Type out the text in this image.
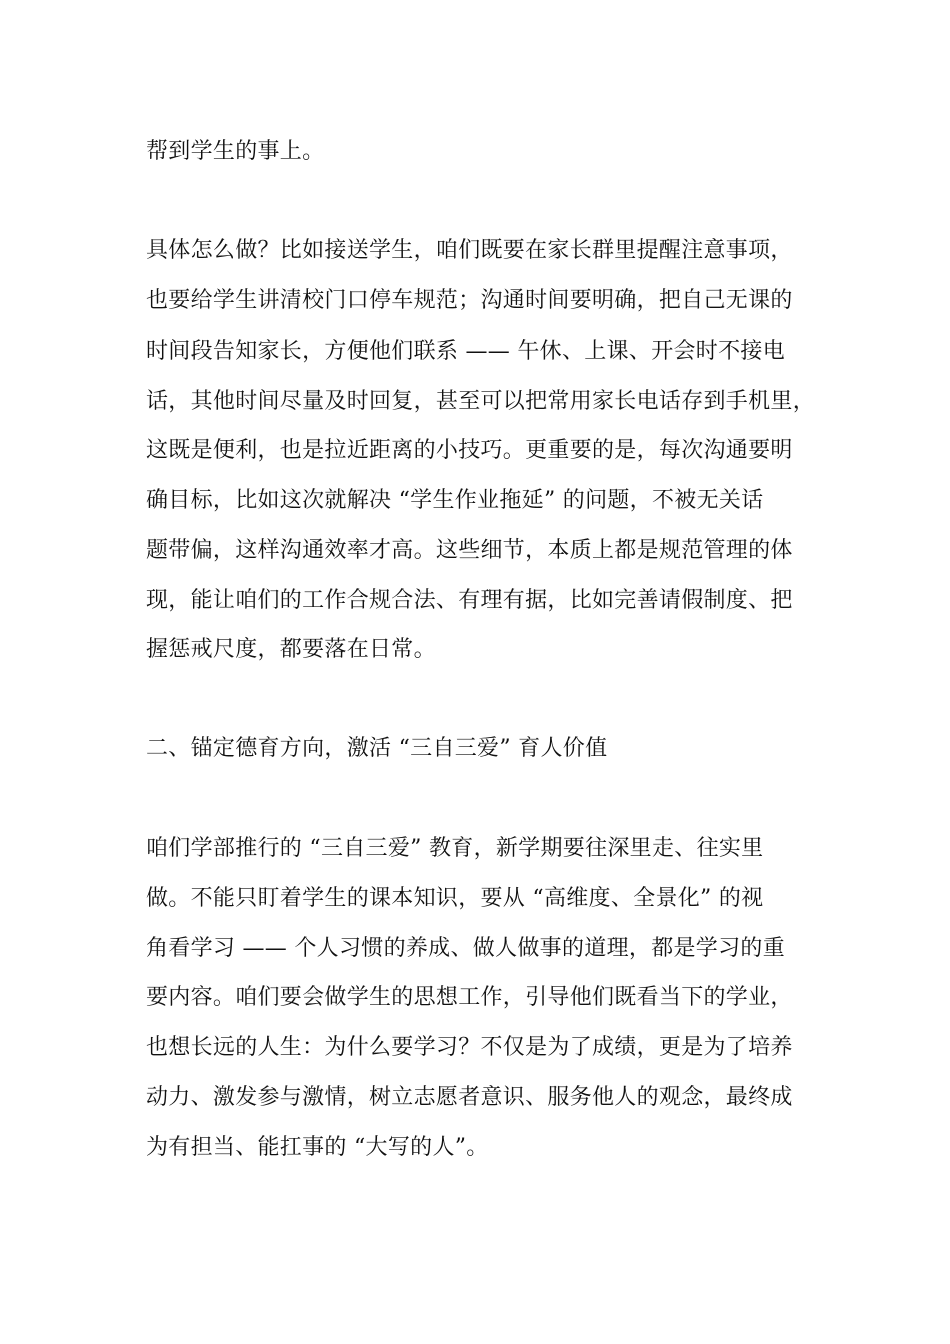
帮到学生的事上。
具体怎么做？比如接送学生，咱们既要在家长群里提醒注意事项，
也要给学生讲清校门口停车规范；沟通时间要明确，把自己无课的
时间段告知家长，方便他们联系 —— 午休、上课、开会时不接电
话，其他时间尽量及时回复，甚至可以把常用家长电话存到手机里，
这既是便利，也是拉近距离的小技巧。更重要的是，每次沟通要明
确目标，比如这次就解决 “学生作业拖延” 的问题，不被无关话
题带偏，这样沟通效率才高。这些细节，本质上都是规范管理的体
现，能让咱们的工作合规合法、有理有据，比如完善请假制度、把
握惩戒尺度，都要落在日常。
二、锚定德育方向，激活 “三自三爱” 育人价值
咱们学部推行的 “三自三爱” 教育，新学期要往深里走、往实里
做。不能只盯着学生的课本知识，要从 “高维度、全景化” 的视
角看学习 —— 个人习惯的养成、做人做事的道理，都是学习的重
要内容。咱们要会做学生的思想工作，引导他们既看当下的学业，
也想长远的人生：为什么要学习？不仅是为了成绩，更是为了培养
动力、激发参与激情，树立志愿者意识、服务他人的观念，最终成
为有担当、能扛事的 “大写的人”。
